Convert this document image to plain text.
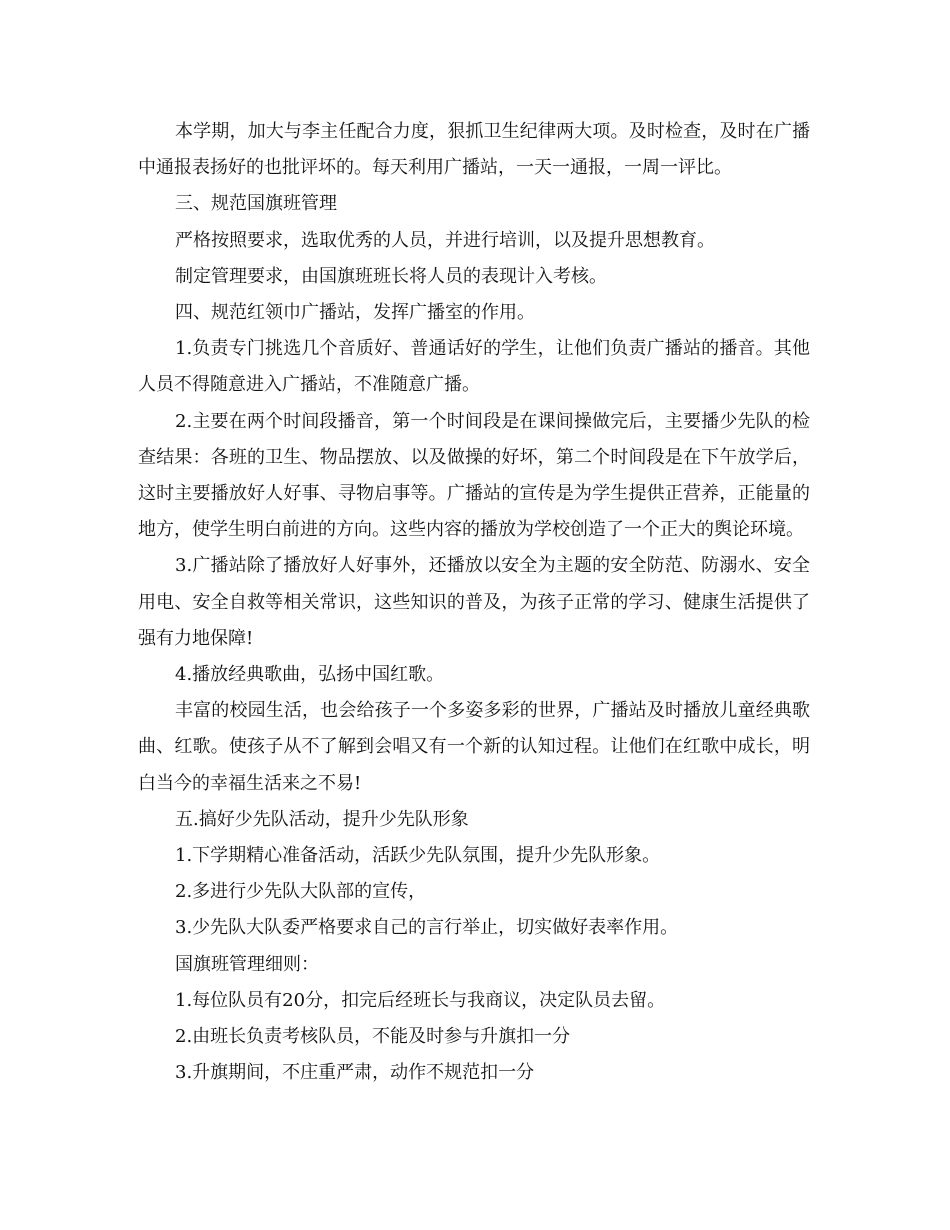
本学期，加大与李主任配合力度，狠抓卫生纪律两大项。及时检查，及时在广播中通报表扬好的也批评坏的。每天利用广播站，一天一通报，一周一评比。

三、规范国旗班管理

严格按照要求，选取优秀的人员，并进行培训，以及提升思想教育。

制定管理要求，由国旗班班长将人员的表现计入考核。

四、规范红领巾广播站，发挥广播室的作用。

1.负责专门挑选几个音质好、普通话好的学生，让他们负责广播站的播音。其他人员不得随意进入广播站，不准随意广播。

2.主要在两个时间段播音，第一个时间段是在课间操做完后，主要播少先队的检查结果：各班的卫生、物品摆放、以及做操的好坏，第二个时间段是在下午放学后，这时主要播放好人好事、寻物启事等。广播站的宣传是为学生提供正营养，正能量的地方，使学生明白前进的方向。这些内容的播放为学校创造了一个正大的舆论环境。

3.广播站除了播放好人好事外，还播放以安全为主题的安全防范、防溺水、安全用电、安全自救等相关常识，这些知识的普及，为孩子正常的学习、健康生活提供了强有力地保障!

4.播放经典歌曲，弘扬中国红歌。

丰富的校园生活，也会给孩子一个多姿多彩的世界，广播站及时播放儿童经典歌曲、红歌。使孩子从不了解到会唱又有一个新的认知过程。让他们在红歌中成长，明白当今的幸福生活来之不易!

五.搞好少先队活动，提升少先队形象

1.下学期精心准备活动，活跃少先队氛围，提升少先队形象。

2.多进行少先队大队部的宣传，

3.少先队大队委严格要求自己的言行举止，切实做好表率作用。

国旗班管理细则：

1.每位队员有20分，扣完后经班长与我商议，决定队员去留。

2.由班长负责考核队员，不能及时参与升旗扣一分

3.升旗期间，不庄重严肃，动作不规范扣一分
